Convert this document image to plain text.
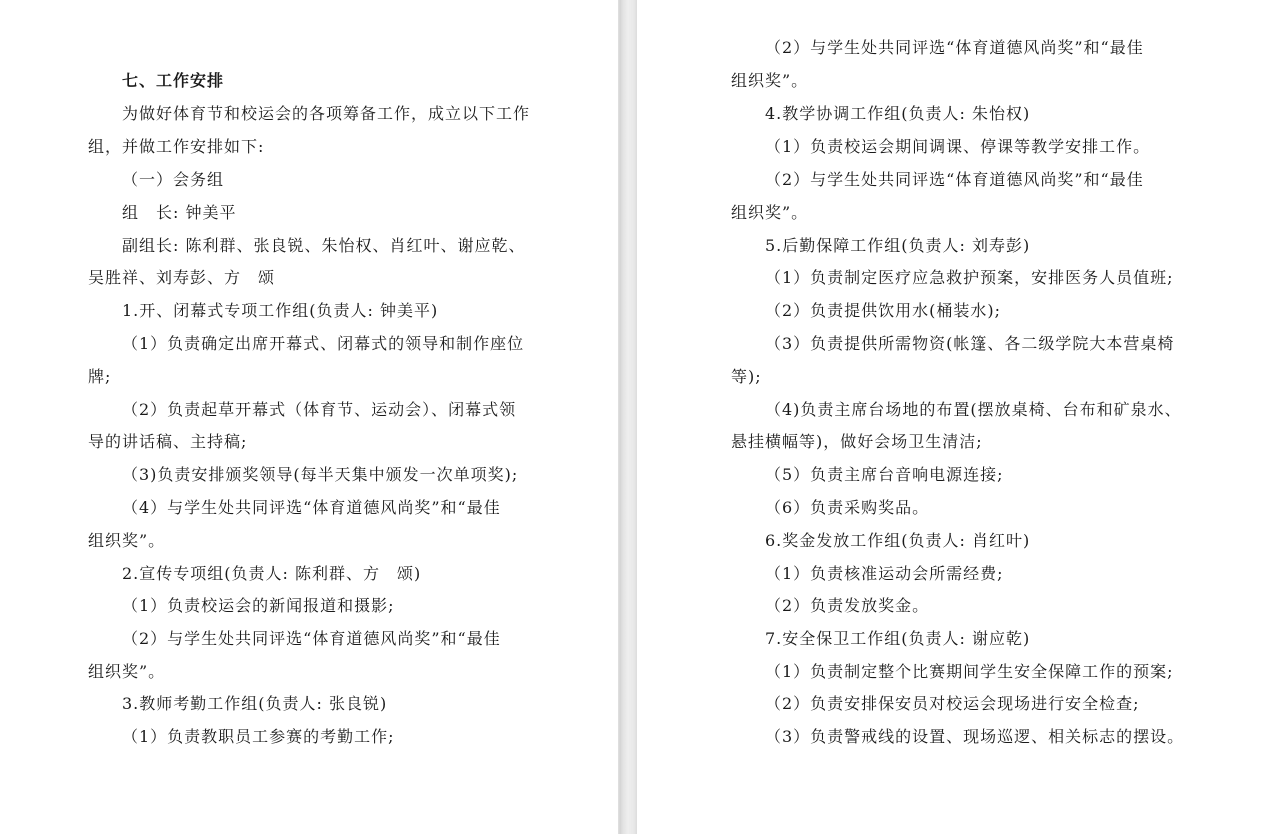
七、工作安排
为做好体育节和校运会的各项筹备工作，成立以下工作
组，并做工作安排如下:
（一）会务组
组　长: 钟美平
副组长: 陈利群、张良锐、朱怡权、肖红叶、谢应乾、
吴胜祥、刘寿彭、方　颂
1.开、闭幕式专项工作组(负责人: 钟美平)
（1）负责确定出席开幕式、闭幕式的领导和制作座位
牌;
（2）负责起草开幕式（体育节、运动会）、闭幕式领
导的讲话稿、主持稿;
（3)负责安排颁奖领导(每半天集中颁发一次单项奖);
（4）与学生处共同评选“体育道德风尚奖”和“最佳
组织奖”。
2.宣传专项组(负责人: 陈利群、方　颂)
（1）负责校运会的新闻报道和摄影;
（2）与学生处共同评选“体育道德风尚奖”和“最佳
组织奖”。
3.教师考勤工作组(负责人: 张良锐)
（1）负责教职员工参赛的考勤工作;
（2）与学生处共同评选“体育道德风尚奖”和“最佳
组织奖”。
4.教学协调工作组(负责人: 朱怡权)
（1）负责校运会期间调课、停课等教学安排工作。
（2）与学生处共同评选“体育道德风尚奖”和“最佳
组织奖”。
5.后勤保障工作组(负责人: 刘寿彭)
（1）负责制定医疗应急救护预案，安排医务人员值班;
（2）负责提供饮用水(桶装水);
（3）负责提供所需物资(帐篷、各二级学院大本营桌椅
等);
（4)负责主席台场地的布置(摆放桌椅、台布和矿泉水、
悬挂横幅等)，做好会场卫生清洁;
（5）负责主席台音响电源连接;
（6）负责采购奖品。
6.奖金发放工作组(负责人: 肖红叶)
（1）负责核准运动会所需经费;
（2）负责发放奖金。
7.安全保卫工作组(负责人: 谢应乾)
（1）负责制定整个比赛期间学生安全保障工作的预案;
（2）负责安排保安员对校运会现场进行安全检查;
（3）负责警戒线的设置、现场巡逻、相关标志的摆设。
